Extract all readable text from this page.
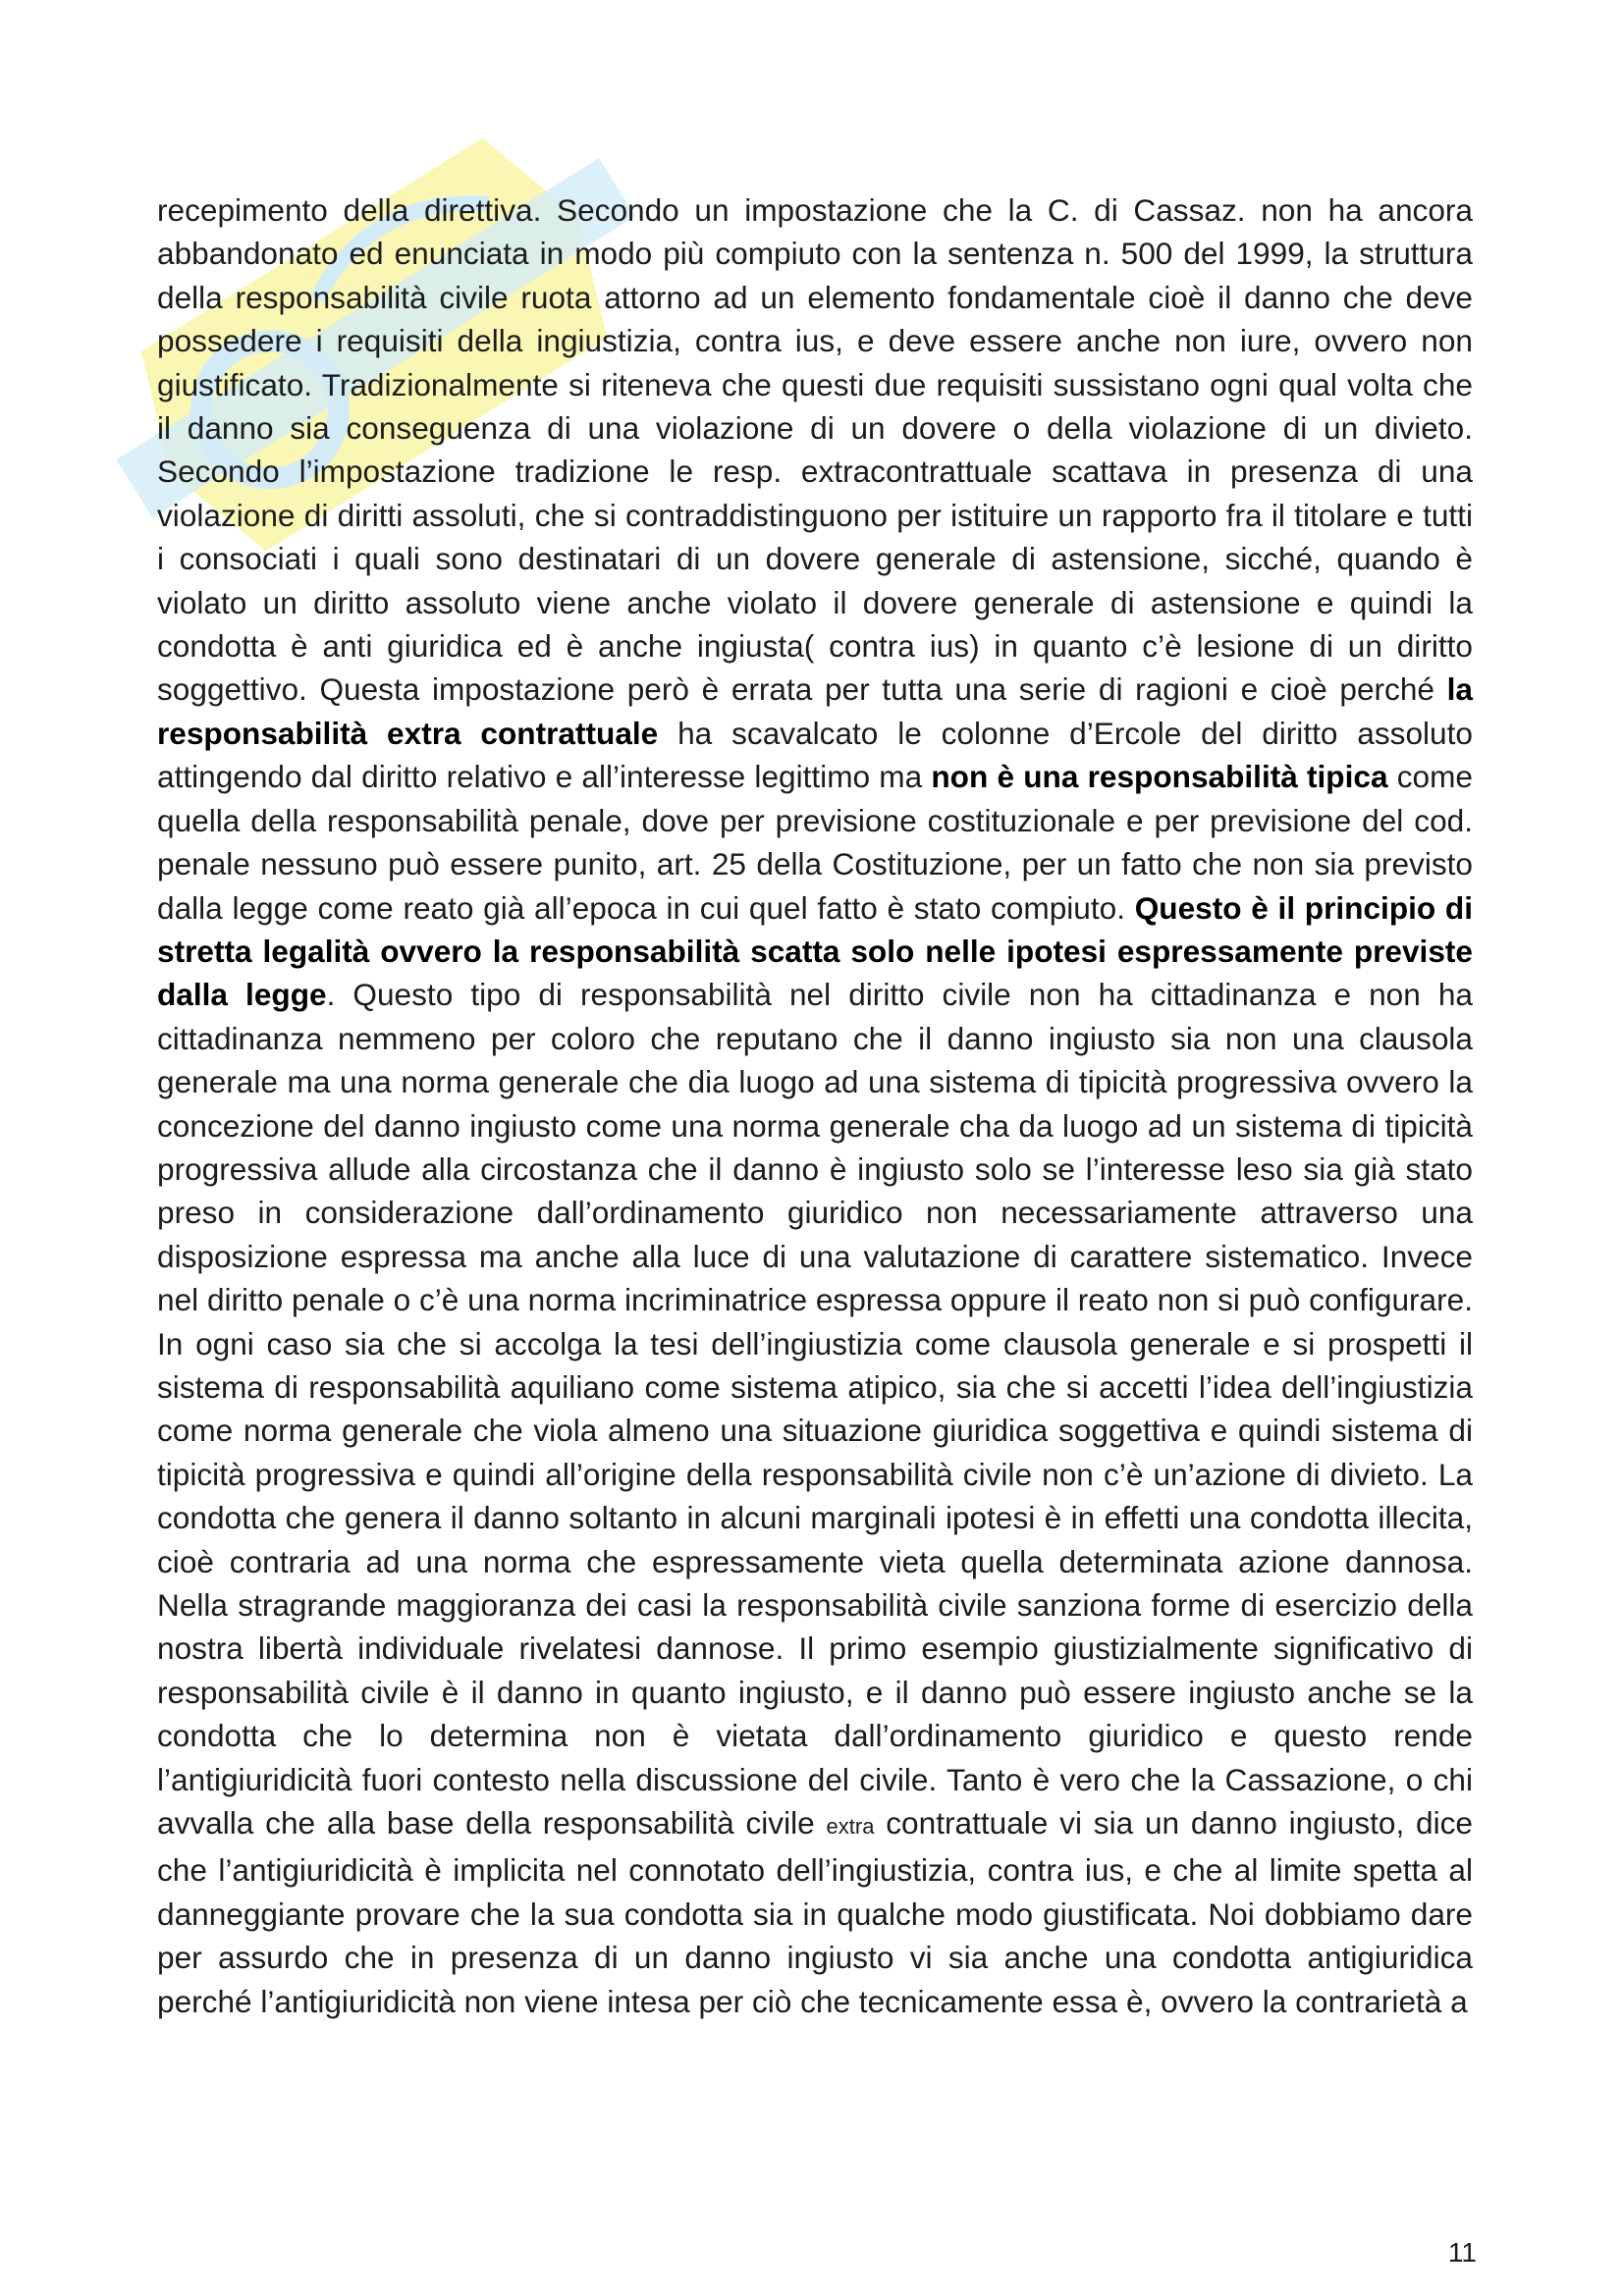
recepimento della direttiva. Secondo un impostazione che la C. di Cassaz. non ha ancora abbandonato ed enunciata in modo più compiuto con la sentenza n. 500 del 1999, la struttura della responsabilità civile ruota attorno ad un elemento fondamentale cioè il danno che deve possedere i requisiti della ingiustizia, contra ius, e deve essere anche non iure, ovvero non giustificato. Tradizionalmente si riteneva che questi due requisiti sussistano ogni qual volta che il danno sia conseguenza di una violazione di un dovere o della violazione di un divieto. Secondo l’impostazione tradizione le resp. extracontrattuale scattava in presenza di una violazione di diritti assoluti, che si contraddistinguono per istituire un rapporto fra il titolare e tutti i consociati i quali sono destinatari di un dovere generale di astensione, sicché, quando è violato un diritto assoluto viene anche violato il dovere generale di astensione e quindi la condotta è anti giuridica ed è anche ingiusta( contra ius) in quanto c’è lesione di un diritto soggettivo. Questa impostazione però è errata per tutta una serie di ragioni e cioè perché la responsabilità extra contrattuale ha scavalcato le colonne d’Ercole del diritto assoluto attingendo dal diritto relativo e all’interesse legittimo ma non è una responsabilità tipica come quella della responsabilità penale, dove per previsione costituzionale e per previsione del cod. penale nessuno può essere punito, art. 25 della Costituzione, per un fatto che non sia previsto dalla legge come reato già all’epoca in cui quel fatto è stato compiuto. Questo è il principio di stretta legalità ovvero la responsabilità scatta solo nelle ipotesi espressamente previste dalla legge. Questo tipo di responsabilità nel diritto civile non ha cittadinanza e non ha cittadinanza nemmeno per coloro che reputano che il danno ingiusto sia non una clausola generale ma una norma generale che dia luogo ad una sistema di tipicità progressiva ovvero la concezione del danno ingiusto come una norma generale cha da luogo ad un sistema di tipicità progressiva allude alla circostanza che il danno è ingiusto solo se l’interesse leso sia già stato preso in considerazione dall’ordinamento giuridico non necessariamente attraverso una disposizione espressa ma anche alla luce di una valutazione di carattere sistematico. Invece nel diritto penale o c’è una norma incriminatrice espressa oppure il reato non si può configurare. In ogni caso sia che si accolga la tesi dell’ingiustizia come clausola generale e si prospetti il sistema di responsabilità aquiliano come sistema atipico, sia che si accetti l’idea dell’ingiustizia come norma generale che viola almeno una situazione giuridica soggettiva e quindi sistema di tipicità progressiva e quindi all’origine della responsabilità civile non c’è un’azione di divieto. La condotta che genera il danno soltanto in alcuni marginali ipotesi è in effetti una condotta illecita, cioè contraria ad una norma che espressamente vieta quella determinata azione dannosa. Nella stragrande maggioranza dei casi la responsabilità civile sanziona forme di esercizio della nostra libertà individuale rivelatesi dannose. Il primo esempio giustizialmente significativo di responsabilità civile è il danno in quanto ingiusto, e il danno può essere ingiusto anche se la condotta che lo determina non è vietata dall’ordinamento giuridico e questo rende l’antigiuridicità fuori contesto nella discussione del civile. Tanto è vero che la Cassazione, o chi avvalla che alla base della responsabilità civile extra contrattuale vi sia un danno ingiusto, dice che l’antigiuridicità è implicita nel connotato dell’ingiustizia, contra ius, e che al limite spetta al danneggiante provare che la sua condotta sia in qualche modo giustificata. Noi dobbiamo dare per assurdo che in presenza di un danno ingiusto vi sia anche una condotta antigiuridica perché l’antigiuridicità non viene intesa per ciò che tecnicamente essa è, ovvero la contrarietà a

11
